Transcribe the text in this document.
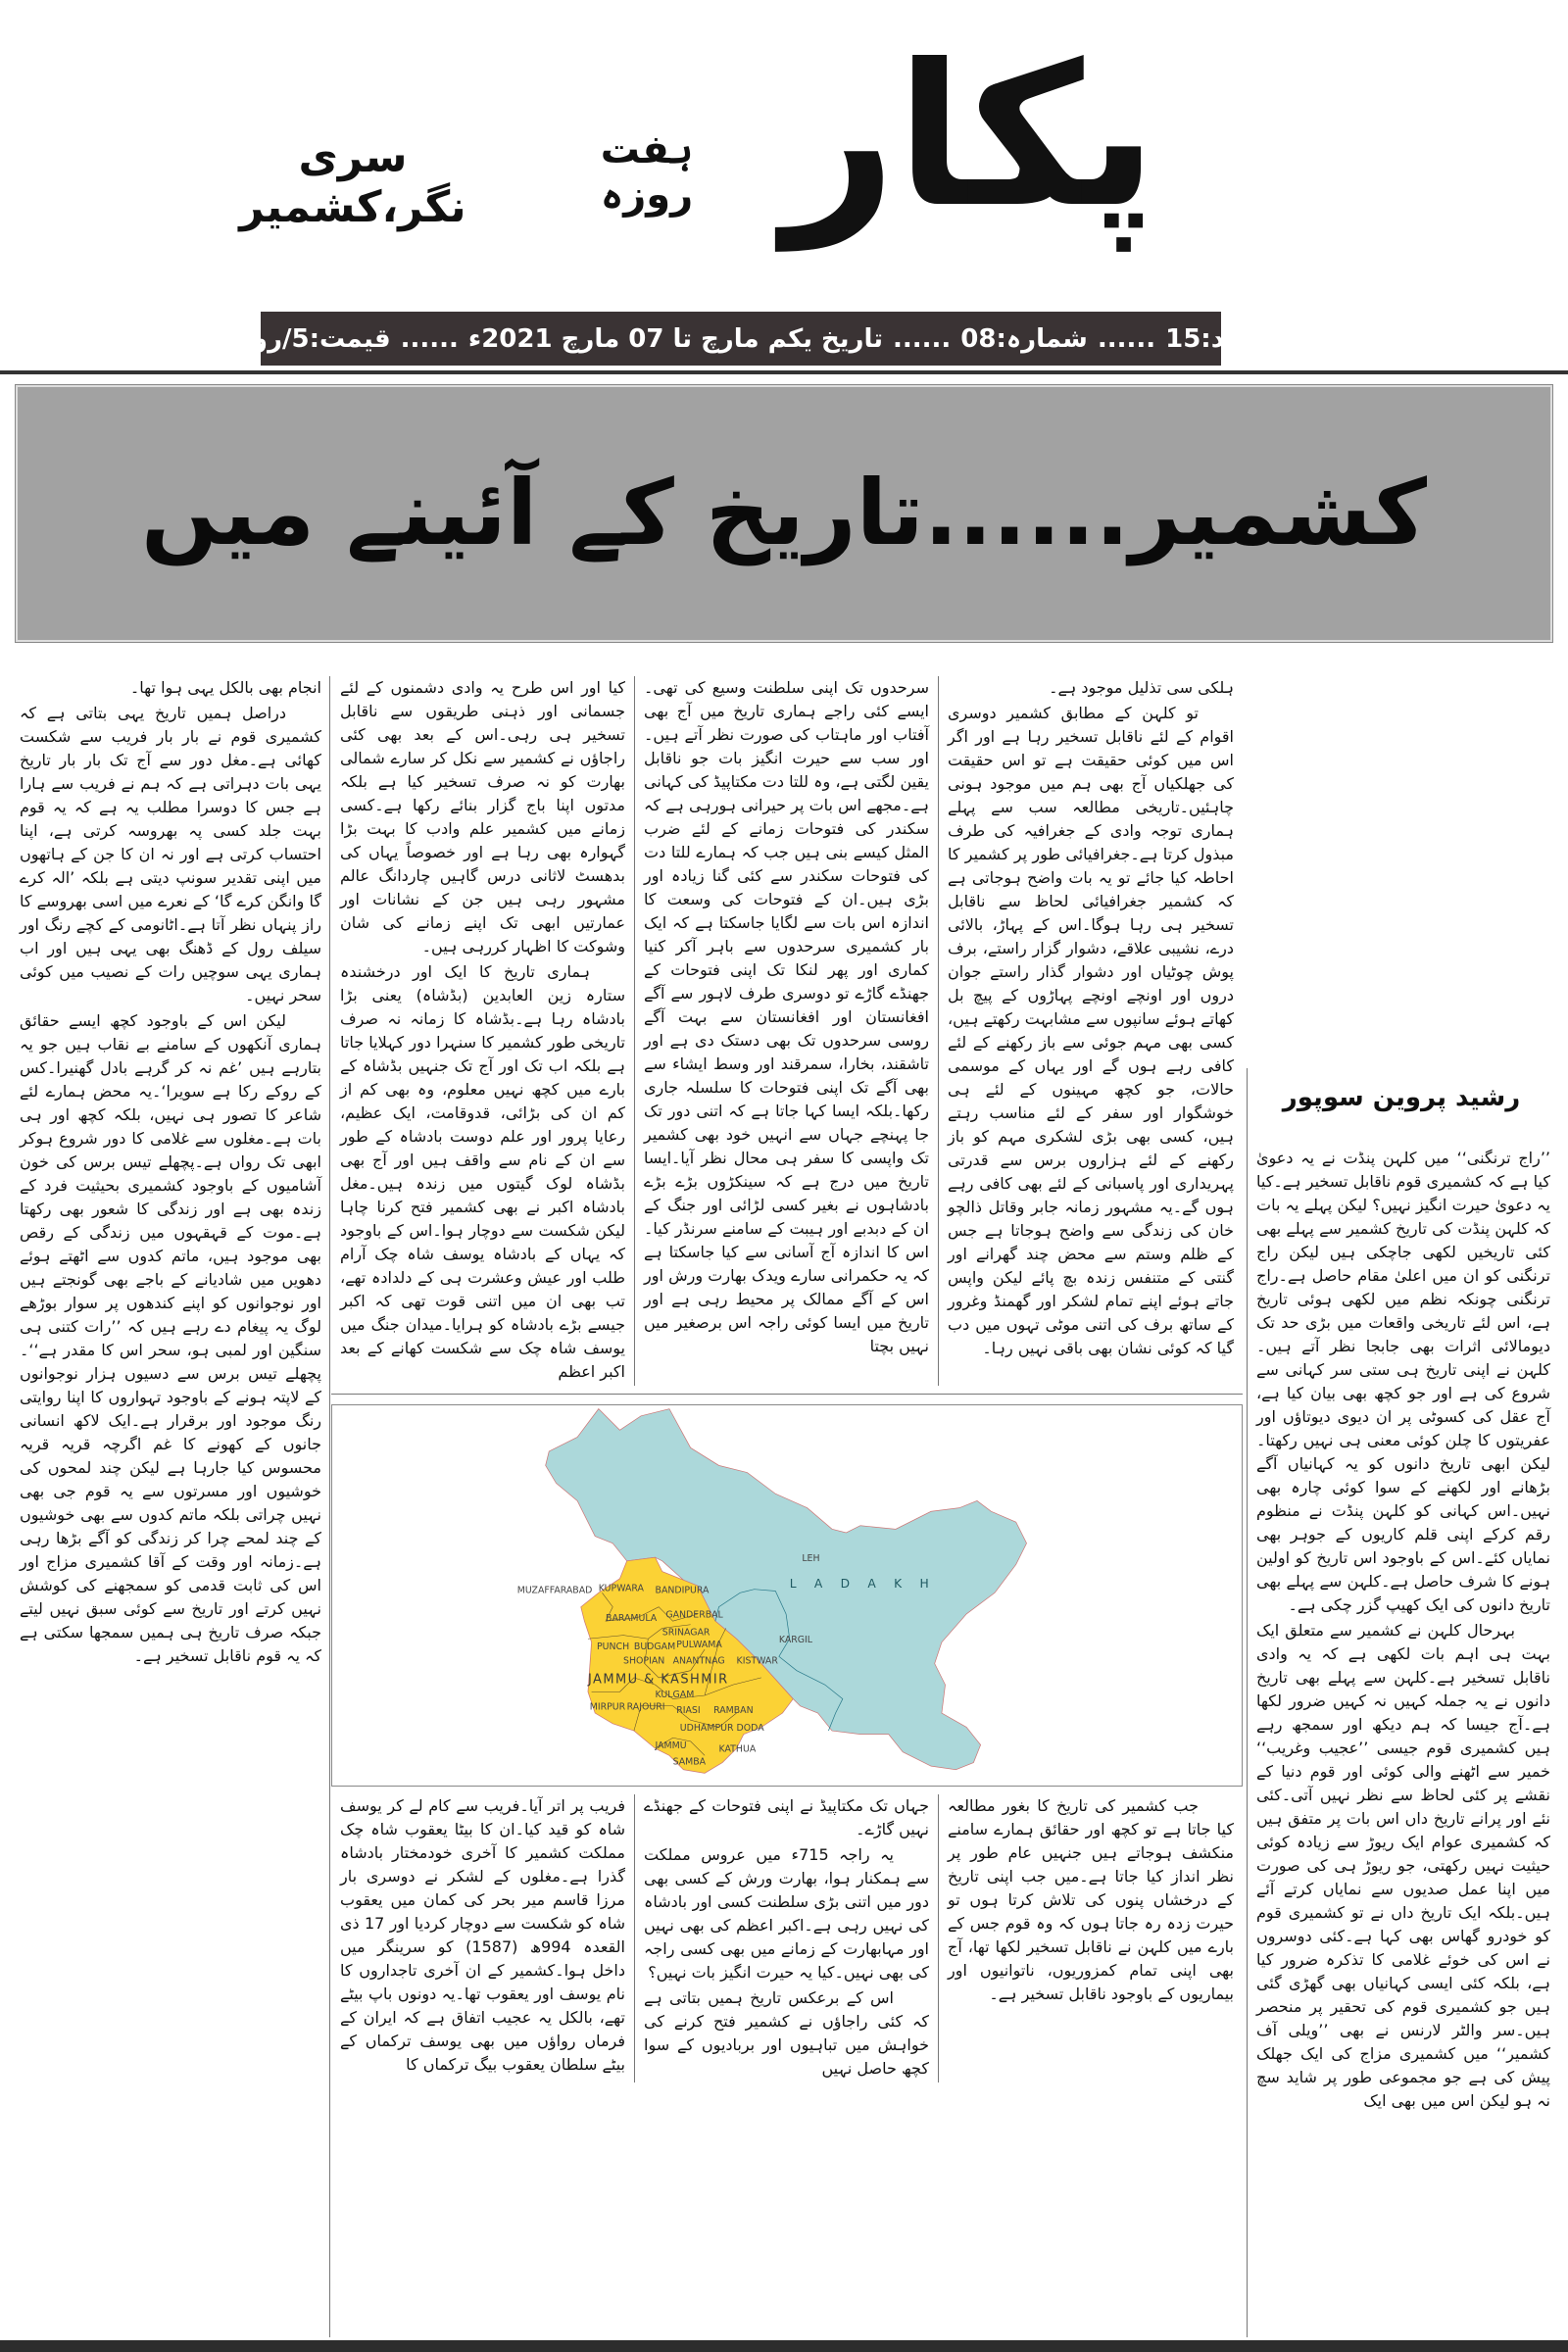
سری نگر،کشمیر
ہفت روزہ پکار
جلد:15
......
شمارہ:08
......
تاریخ یکم مارچ تا 07 مارچ 2021ء
......
قیمت:5/روپے
کشمیر......تاریخ کے آئینے میں
رشید پروین سوپور

’’راج ترنگنی‘‘ میں کلہن پنڈت نے یہ دعویٰ کیا ہے کہ کشمیری قوم ناقابل تسخیر ہے۔کیا یہ دعویٰ حیرت انگیز نہیں؟ لیکن پہلے یہ بات کہ کلہن پنڈت کی تاریخ کشمیر سے پہلے بھی کئی تاریخیں لکھی جاچکی ہیں لیکن راج ترنگنی کو ان میں اعلیٰ مقام حاصل ہے۔راج ترنگنی چونکہ نظم میں لکھی ہوئی تاریخ ہے، اس لئے تاریخی واقعات میں بڑی حد تک دیومالائی اثرات بھی جابجا نظر آتے ہیں۔کلہن نے اپنی تاریخ ہی ستی سر کہانی سے شروع کی ہے اور جو کچھ بھی بیان کیا ہے، آج عقل کی کسوٹی پر ان دیوی دیوتاؤں اور عفریتوں کا چلن کوئی معنی ہی نہیں رکھتا۔لیکن ابھی تاریخ دانوں کو یہ کہانیاں آگے بڑھانے اور لکھنے کے سوا کوئی چارہ بھی نہیں۔اس کہانی کو کلہن پنڈت نے منظوم رقم کرکے اپنی قلم کاریوں کے جوہر بھی نمایاں کئے۔اس کے باوجود اس تاریخ کو اولین ہونے کا شرف حاصل ہے۔کلہن سے پہلے بھی تاریخ دانوں کی ایک کھیپ گزر چکی ہے۔

بہرحال کلہن نے کشمیر سے متعلق ایک بہت ہی اہم بات لکھی ہے کہ یہ وادی ناقابل تسخیر ہے۔کلہن سے پہلے بھی تاریخ دانوں نے یہ جملہ کہیں نہ کہیں ضرور لکھا ہے۔آج جیسا کہ ہم دیکھ اور سمجھ رہے ہیں کشمیری قوم جیسی ’’عجیب وغریب‘‘ خمیر سے اٹھنے والی کوئی اور قوم دنیا کے نقشے پر کئی لحاظ سے نظر نہیں آتی۔کئی نئے اور پرانے تاریخ داں اس بات پر متفق ہیں کہ کشمیری عوام ایک ریوڑ سے زیادہ کوئی حیثیت نہیں رکھتی، جو ریوڑ ہی کی صورت میں اپنا عمل صدیوں سے نمایاں کرتے آئے ہیں۔بلکہ ایک تاریخ داں نے تو کشمیری قوم کو خودرو گھاس بھی کہا ہے۔کئی دوسروں نے اس کی خوئے غلامی کا تذکرہ ضرور کیا ہے، بلکہ کئی ایسی کہانیاں بھی گھڑی گئی ہیں جو کشمیری قوم کی تحقیر پر منحصر ہیں۔سر والٹر لارنس نے بھی ’’ویلی آف کشمیر‘‘ میں کشمیری مزاج کی ایک جھلک پیش کی ہے جو مجموعی طور پر شاید سچ نہ ہو لیکن اس میں بھی ایک

انجام بھی بالکل یہی ہوا تھا۔

دراصل ہمیں تاریخ یہی بتاتی ہے کہ کشمیری قوم نے بار بار فریب سے شکست کھائی ہے۔مغل دور سے آج تک بار بار تاریخ یہی بات دہراتی ہے کہ ہم نے فریب سے ہارا ہے جس کا دوسرا مطلب یہ ہے کہ یہ قوم بہت جلد کسی پہ بھروسہ کرتی ہے، اپنا احتساب کرتی ہے اور نہ ان کا جن کے ہاتھوں میں اپنی تقدیر سونپ دیتی ہے بلکہ ’الہ کرے گا وانگن کرے گا‘ کے نعرے میں اسی بھروسے کا راز پنہاں نظر آتا ہے۔اٹانومی کے کچے رنگ اور سیلف رول کے ڈھنگ بھی یہی ہیں اور اب ہماری یہی سوچیں رات کے نصیب میں کوئی سحر نہیں۔

لیکن اس کے باوجود کچھ ایسے حقائق ہماری آنکھوں کے سامنے بے نقاب ہیں جو یہ بتارہے ہیں ’غم نہ کر گرہے بادل گھنیرا۔کس کے روکے رکا ہے سویرا‘۔یہ محض ہمارے لئے شاعر کا تصور ہی نہیں، بلکہ کچھ اور ہی بات ہے۔مغلوں سے غلامی کا دور شروع ہوکر ابھی تک رواں ہے۔پچھلے تیس برس کی خون آشامیوں کے باوجود کشمیری بحیثیت فرد کے زندہ بھی ہے اور زندگی کا شعور بھی رکھتا ہے۔موت کے قہقہوں میں زندگی کے رقص بھی موجود ہیں، ماتم کدوں سے اٹھتے ہوئے دھویں میں شادیانے کے باجے بھی گونجتے ہیں اور نوجوانوں کو اپنے کندھوں پر سوار بوڑھے لوگ یہ پیغام دے رہے ہیں کہ ’’رات کتنی ہی سنگین اور لمبی ہو، سحر اس کا مقدر ہے‘‘۔پچھلے تیس برس سے دسیوں ہزار نوجوانوں کے لاپتہ ہونے کے باوجود تہواروں کا اپنا روایتی رنگ موجود اور برقرار ہے۔ایک لاکھ انسانی جانوں کے کھونے کا غم اگرچہ قریہ قریہ محسوس کیا جارہا ہے لیکن چند لمحوں کی خوشیوں اور مسرتوں سے یہ قوم جی بھی نہیں چراتی بلکہ ماتم کدوں سے بھی خوشیوں کے چند لمحے چرا کر زندگی کو آگے بڑھا رہی ہے۔زمانہ اور وقت کے آقا کشمیری مزاج اور اس کی ثابت قدمی کو سمجھنے کی کوشش نہیں کرتے اور تاریخ سے کوئی سبق نہیں لیتے جبکہ صرف تاریخ ہی ہمیں سمجھا سکتی ہے کہ یہ قوم ناقابل تسخیر ہے۔

ہلکی سی تذلیل موجود ہے۔

تو کلہن کے مطابق کشمیر دوسری اقوام کے لئے ناقابل تسخیر رہا ہے اور اگر اس میں کوئی حقیقت ہے تو اس حقیقت کی جھلکیاں آج بھی ہم میں موجود ہونی چاہئیں۔تاریخی مطالعہ سب سے پہلے ہماری توجہ وادی کے جغرافیہ کی طرف مبذول کرتا ہے۔جغرافیائی طور پر کشمیر کا احاطہ کیا جائے تو یہ بات واضح ہوجاتی ہے کہ کشمیر جغرافیائی لحاظ سے ناقابل تسخیر ہی رہا ہوگا۔اس کے پہاڑ، بالائی درے، نشیبی علاقے، دشوار گزار راستے، برف پوش چوٹیاں اور دشوار گذار راستے جوان دروں اور اونچے اونچے پہاڑوں کے پیچ بل کھاتے ہوئے سانپوں سے مشابہت رکھتے ہیں، کسی بھی مہم جوئی سے باز رکھنے کے لئے کافی رہے ہوں گے اور یہاں کے موسمی حالات، جو کچھ مہینوں کے لئے ہی خوشگوار اور سفر کے لئے مناسب رہتے ہیں، کسی بھی بڑی لشکری مہم کو باز رکھنے کے لئے ہزاروں برس سے قدرتی پہریداری اور پاسبانی کے لئے بھی کافی رہے ہوں گے۔یہ مشہور زمانہ جابر وقاتل ذالچو خان کی زندگی سے واضح ہوجاتا ہے جس کے ظلم وستم سے محض چند گھرانے اور گنتی کے متنفس زندہ بچ پائے لیکن واپس جاتے ہوئے اپنے تمام لشکر اور گھمنڈ وغرور کے ساتھ برف کی اتنی موٹی تہوں میں دب گیا کہ کوئی نشان بھی باقی نہیں رہا۔

سرحدوں تک اپنی سلطنت وسیع کی تھی۔ایسے کئی راجے ہماری تاریخ میں آج بھی آفتاب اور ماہتاب کی صورت نظر آتے ہیں۔اور سب سے حیرت انگیز بات جو ناقابل یقین لگتی ہے، وہ للتا دت مکتاپیڈ کی کہانی ہے۔مجھے اس بات پر حیرانی ہورہی ہے کہ سکندر کی فتوحات زمانے کے لئے ضرب المثل کیسے بنی ہیں جب کہ ہمارے للتا دت کی فتوحات سکندر سے کئی گنا زیادہ اور بڑی ہیں۔ان کے فتوحات کی وسعت کا اندازہ اس بات سے لگایا جاسکتا ہے کہ ایک بار کشمیری سرحدوں سے باہر آکر کنیا کماری اور پھر لنکا تک اپنی فتوحات کے جھنڈے گاڑے تو دوسری طرف لاہور سے آگے افغانستان اور افغانستان سے بہت آگے روسی سرحدوں تک بھی دستک دی ہے اور تاشقند، بخارا، سمرقند اور وسط ایشاء سے بھی آگے تک اپنی فتوحات کا سلسلہ جاری رکھا۔بلکہ ایسا کہا جاتا ہے کہ اتنی دور تک جا پہنچے جہاں سے انہیں خود بھی کشمیر تک واپسی کا سفر ہی محال نظر آیا۔ایسا تاریخ میں درج ہے کہ سینکڑوں بڑے بڑے بادشاہوں نے بغیر کسی لڑائی اور جنگ کے ان کے دبدبے اور ہیبت کے سامنے سرنڈر کیا۔اس کا اندازہ آج آسانی سے کیا جاسکتا ہے کہ یہ حکمرانی سارے ویدک بھارت ورش اور اس کے آگے ممالک پر محیط رہی ہے اور تاریخ میں ایسا کوئی راجہ اس برصغیر میں نہیں بچتا

کیا اور اس طرح یہ وادی دشمنوں کے لئے جسمانی اور ذہنی طریقوں سے ناقابل تسخیر ہی رہی۔اس کے بعد بھی کئی راجاؤں نے کشمیر سے نکل کر سارے شمالی بھارت کو نہ صرف تسخیر کیا ہے بلکہ مدتوں اپنا باج گزار بنائے رکھا ہے۔کسی زمانے میں کشمیر علم وادب کا بہت بڑا گہوارہ بھی رہا ہے اور خصوصاً یہاں کی بدھسٹ لاثانی درس گاہیں چاردانگ عالم مشہور رہی ہیں جن کے نشانات اور عمارتیں ابھی تک اپنے زمانے کی شان وشوکت کا اظہار کررہی ہیں۔

ہماری تاریخ کا ایک اور درخشندہ ستارہ زین العابدین (بڈشاہ) یعنی بڑا بادشاہ رہا ہے۔بڈشاہ کا زمانہ نہ صرف تاریخی طور کشمیر کا سنہرا دور کہلایا جاتا ہے بلکہ اب تک اور آج تک جنہیں بڈشاہ کے بارے میں کچھ نہیں معلوم، وہ بھی کم از کم ان کی بڑائی، قدوقامت، ایک عظیم، رعایا پرور اور علم دوست بادشاہ کے طور سے ان کے نام سے واقف ہیں اور آج بھی بڈشاہ لوک گیتوں میں زندہ ہیں۔مغل بادشاہ اکبر نے بھی کشمیر فتح کرنا چاہا لیکن شکست سے دوچار ہوا۔اس کے باوجود کہ یہاں کے بادشاہ یوسف شاہ چک آرام طلب اور عیش وعشرت ہی کے دلدادہ تھے، تب بھی ان میں اتنی قوت تھی کہ اکبر جیسے بڑے بادشاہ کو ہرایا۔میدان جنگ میں یوسف شاہ چک سے شکست کھانے کے بعد اکبر اعظم

LEH
L A D A K H
KARGIL
JAMMU & KASHMIR
MUZAFFARABAD KUPWARA BANDIPURA
BARAMULA GANDERBAL
SRINAGAR
PULWAMA
PUNCH BUDGAM
ANANTNAG
SHOPIAN
KULGAM
KISTWAR
MIRPUR RAJOURI RIASI RAMBAN
DODA
UDHAMPUR
JAMMU
SAMBA
KATHUA

جب کشمیر کی تاریخ کا بغور مطالعہ کیا جاتا ہے تو کچھ اور حقائق ہمارے سامنے منکشف ہوجاتے ہیں جنہیں عام طور پر نظر انداز کیا جاتا ہے۔میں جب اپنی تاریخ کے درخشاں پنوں کی تلاش کرتا ہوں تو حیرت زدہ رہ جاتا ہوں کہ وہ قوم جس کے بارے میں کلہن نے ناقابل تسخیر لکھا تھا، آج بھی اپنی تمام کمزوریوں، ناتوانیوں اور بیماریوں کے باوجود ناقابل تسخیر ہے۔

جہاں تک مکتاپیڈ نے اپنی فتوحات کے جھنڈے نہیں گاڑے۔

یہ راجہ 715ء میں عروس مملکت سے ہمکنار ہوا، بھارت ورش کے کسی بھی دور میں اتنی بڑی سلطنت کسی اور بادشاہ کی نہیں رہی ہے۔اکبر اعظم کی بھی نہیں اور مہابھارت کے زمانے میں بھی کسی راجہ کی بھی نہیں۔کیا یہ حیرت انگیز بات نہیں؟

اس کے برعکس تاریخ ہمیں بتاتی ہے کہ کئی راجاؤں نے کشمیر فتح کرنے کی خواہش میں تباہیوں اور بربادیوں کے سوا کچھ حاصل نہیں

فریب پر اتر آیا۔فریب سے کام لے کر یوسف شاہ کو قید کیا۔ان کا بیٹا یعقوب شاہ چک مملکت کشمیر کا آخری خودمختار بادشاہ گذرا ہے۔مغلوں کے لشکر نے دوسری بار مرزا قاسم میر بحر کی کمان میں یعقوب شاہ کو شکست سے دوچار کردیا اور 17 ذی القعدہ 994ھ (1587) کو سرینگر میں داخل ہوا۔کشمیر کے ان آخری تاجداروں کا نام یوسف اور یعقوب تھا۔یہ دونوں باپ بیٹے تھے، بالکل یہ عجیب اتفاق ہے کہ ایران کے فرماں رواؤں میں بھی یوسف ترکماں کے بیٹے سلطان یعقوب بیگ ترکماں کا
